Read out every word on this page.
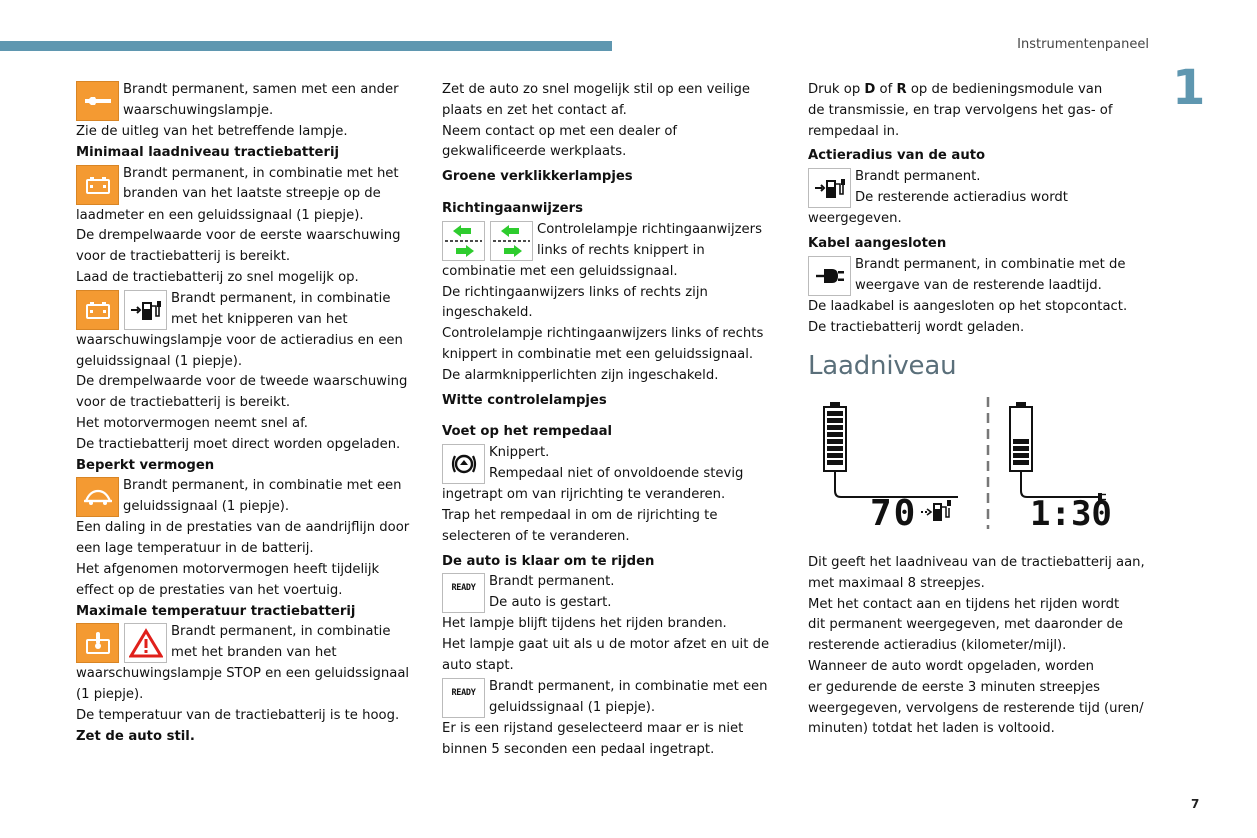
Instrumentenpaneel
1
7
Brandt permanent, samen met een ander
waarschuwingslampje.

Zie de uitleg van het betreffende lampje.

Minimaal laadniveau tractiebatterij
Brandt permanent, in combinatie met het
branden van het laatste streepje op de

laadmeter en een geluidssignaal (1 piepje).

De drempelwaarde voor de eerste waarschuwing

voor de tractiebatterij is bereikt.

Laad de tractiebatterij zo snel mogelijk op.

Brandt permanent, in combinatie
met het knipperen van het

waarschuwingslampje voor de actieradius en een

geluidssignaal (1 piepje).

De drempelwaarde voor de tweede waarschuwing

voor de tractiebatterij is bereikt.

Het motorvermogen neemt snel af.

De tractiebatterij moet direct worden opgeladen.

Beperkt vermogen
Brandt permanent, in combinatie met een
geluidssignaal (1 piepje).

Een daling in de prestaties van de aandrijflijn door

een lage temperatuur in de batterij.

Het afgenomen motorvermogen heeft tijdelijk

effect op de prestaties van het voertuig.

Maximale temperatuur tractiebatterij
Brandt permanent, in combinatie
met het branden van het

waarschuwingslampje STOP en een geluidssignaal

(1 piepje).

De temperatuur van de tractiebatterij is te hoog.

Zet de auto stil.

Zet de auto zo snel mogelijk stil op een veilige

plaats en zet het contact af.

Neem contact op met een dealer of

gekwalificeerde werkplaats.

Groene verklikkerlampjes
Richtingaanwijzers
Controlelampje richtingaanwijzers
links of rechts knippert in

combinatie met een geluidssignaal.

De richtingaanwijzers links of rechts zijn

ingeschakeld.

Controlelampje richtingaanwijzers links of rechts

knippert in combinatie met een geluidssignaal.

De alarmknipperlichten zijn ingeschakeld.

Witte controlelampjes
Voet op het rempedaal
Knippert.
Rempedaal niet of onvoldoende stevig

ingetrapt om van rijrichting te veranderen.

Trap het rempedaal in om de rijrichting te

selecteren of te veranderen.

De auto is klaar om te rijden
READY	Brandt permanent.
De auto is gestart.

Het lampje blijft tijdens het rijden branden.

Het lampje gaat uit als u de motor afzet en uit de

auto stapt.

READY	Brandt permanent, in combinatie met een
geluidssignaal (1 piepje).

Er is een rijstand geselecteerd maar er is niet

binnen 5 seconden een pedaal ingetrapt.

Druk op D of R op de bedieningsmodule van

de transmissie, en trap vervolgens het gas- of

rempedaal in.

Actieradius van de auto
Brandt permanent.
De resterende actieradius wordt

weergegeven.

Kabel aangesloten
Brandt permanent, in combinatie met de
weergave van de resterende laadtijd.

De laadkabel is aangesloten op het stopcontact.

De tractiebatterij wordt geladen.

Laadniveau
70	1:30

Dit geeft het laadniveau van de tractiebatterij aan,

met maximaal 8 streepjes.

Met het contact aan en tijdens het rijden wordt

dit permanent weergegeven, met daaronder de

resterende actieradius (kilometer/mijl).

Wanneer de auto wordt opgeladen, worden

er gedurende de eerste 3 minuten streepjes

weergegeven, vervolgens de resterende tijd (uren/

minuten) totdat het laden is voltooid.
